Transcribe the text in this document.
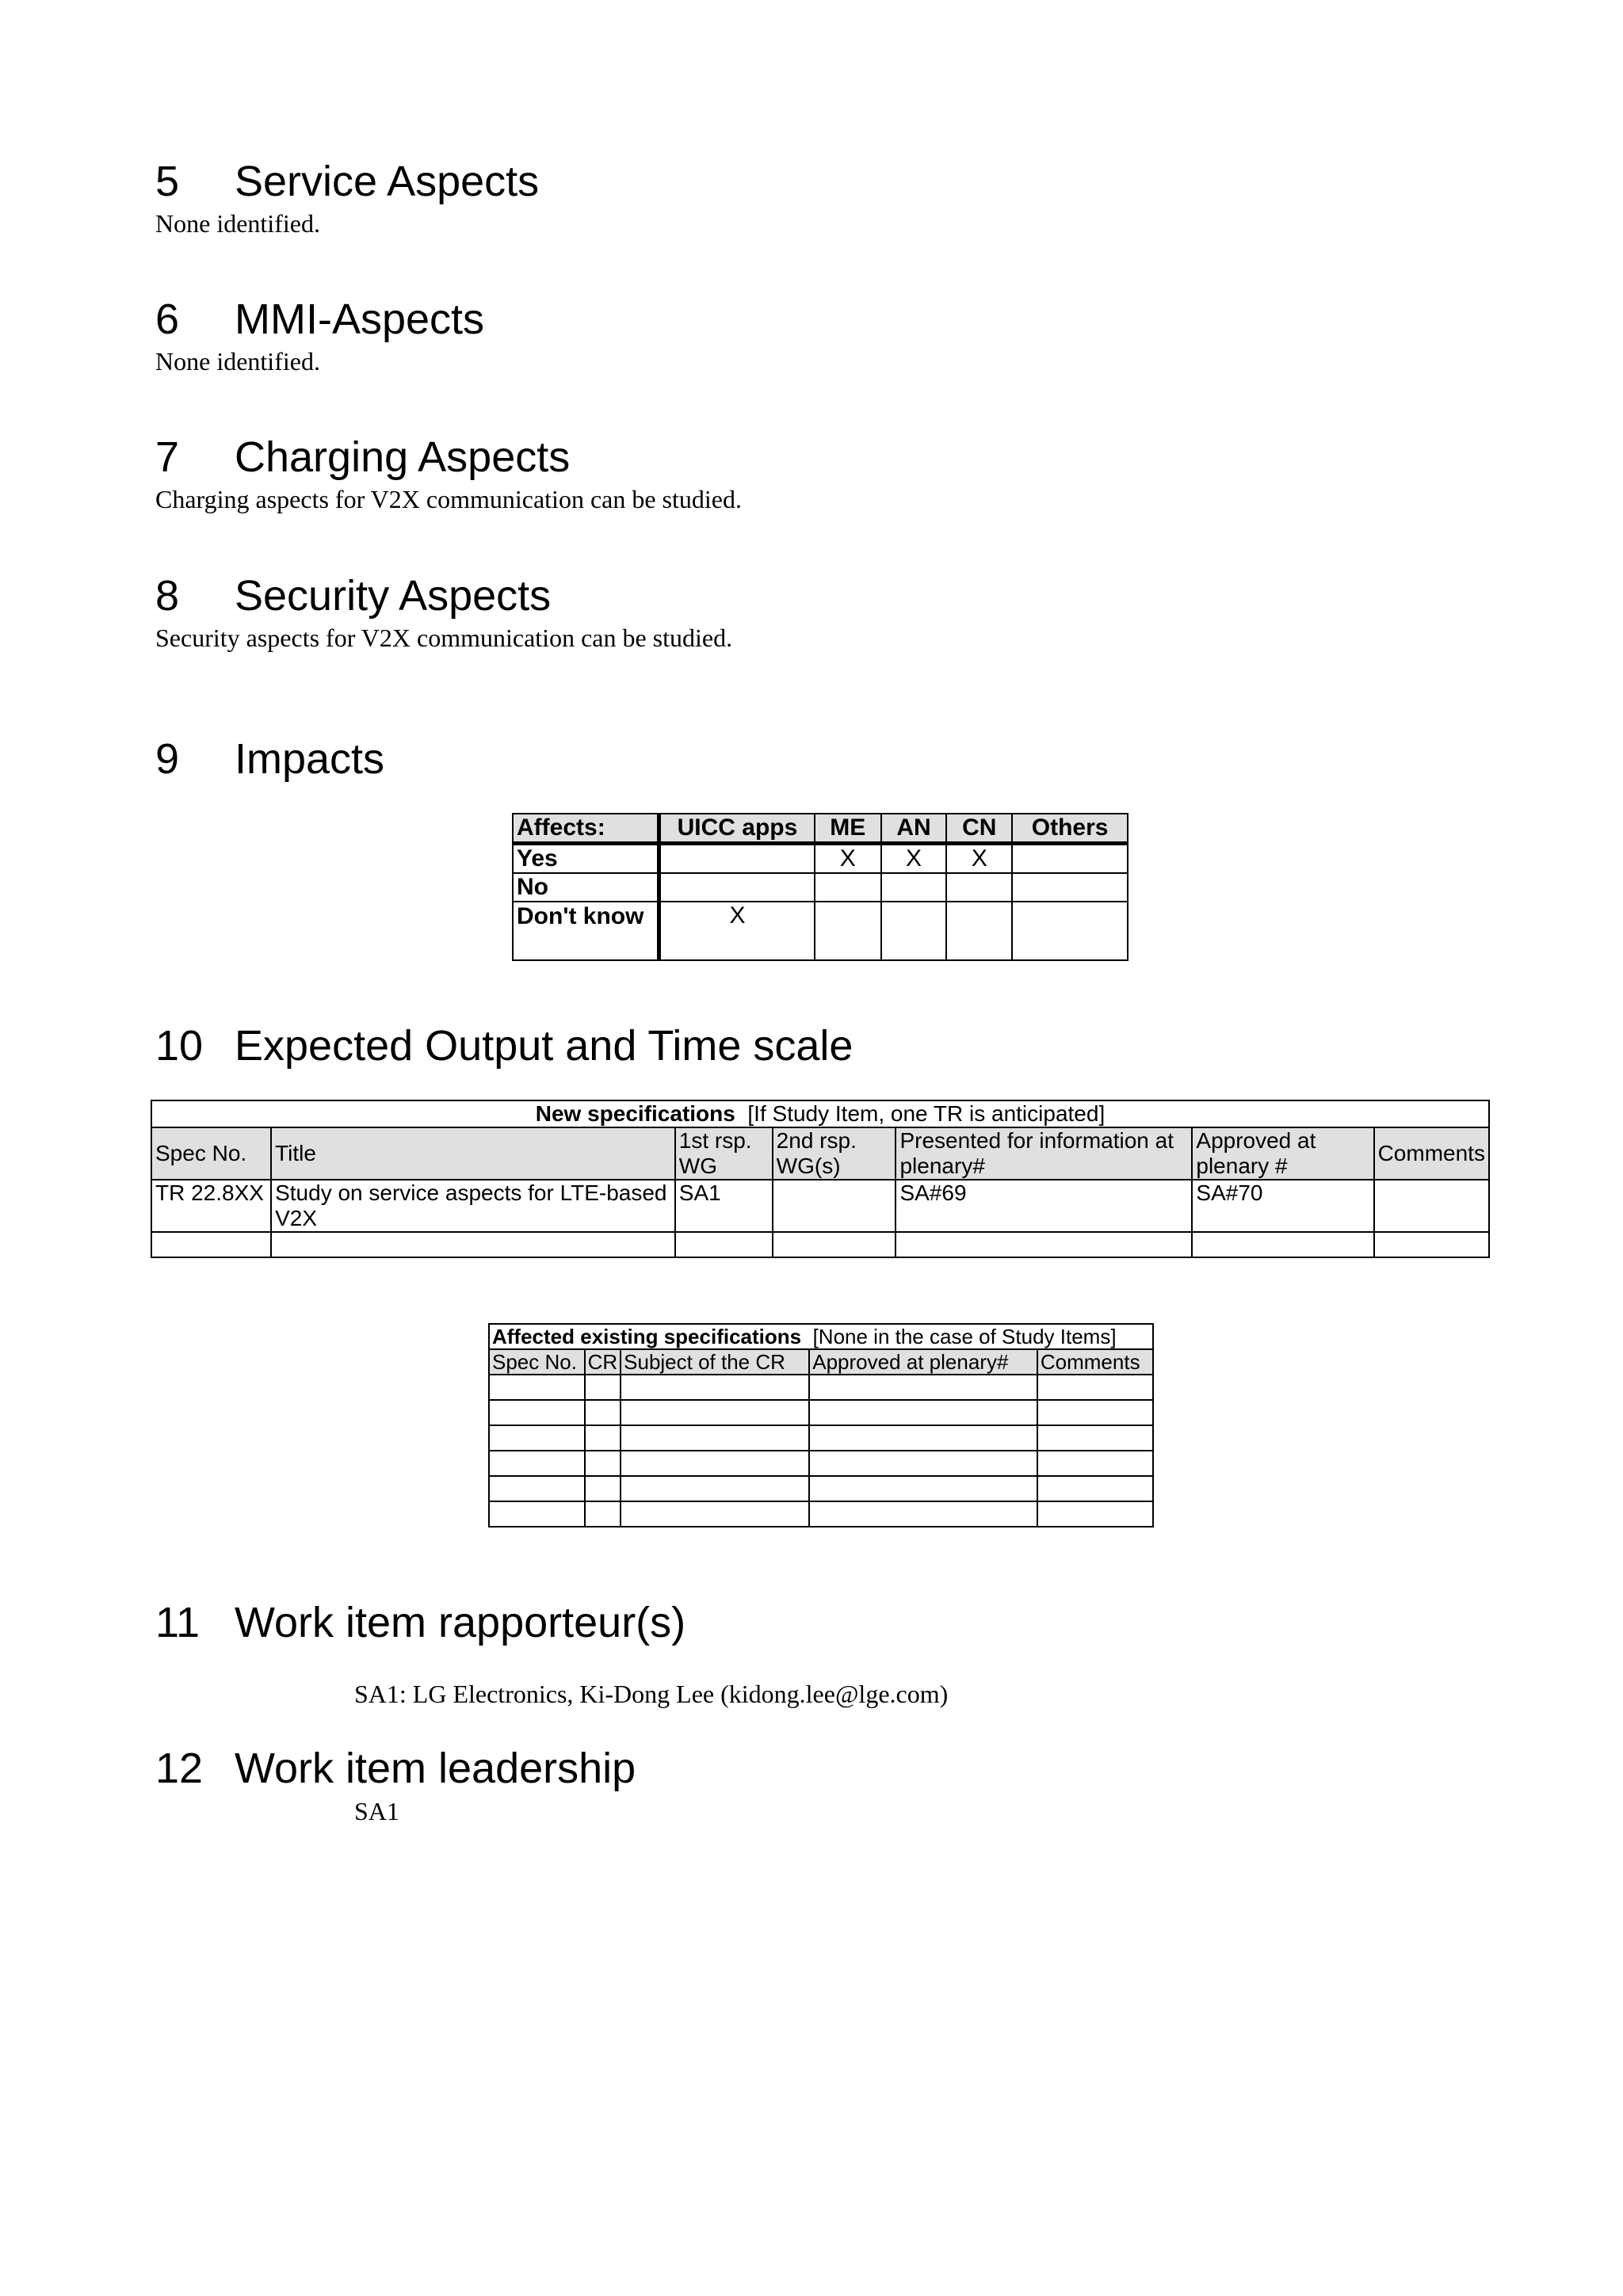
5 Service Aspects
None identified.
6 MMI-Aspects
None identified.
7 Charging Aspects
Charging aspects for V2X communication can be studied.
8 Security Aspects
Security aspects for V2X communication can be studied.
9 Impacts
Affects:	UICC apps	ME	AN	CN	Others
Yes		X	X	X	
No					
Don't know	X				
10 Expected Output and Time scale
New specifications [If Study Item, one TR is anticipated]						
Spec No.	Title	1st rsp. WG	2nd rsp. WG(s)	Presented for information at plenary#	Approved at plenary #	Comments
TR 22.8XX	Study on service aspects for LTE-based V2X	SA1		SA#69	SA#70	

Affected existing specifications [None in the case of Study Items]				
Spec No.	CR	Subject of the CR	Approved at plenary#	Comments

11 Work item rapporteur(s)
SA1: LG Electronics, Ki-Dong Lee (kidong.lee@lge.com)
12 Work item leadership
SA1
